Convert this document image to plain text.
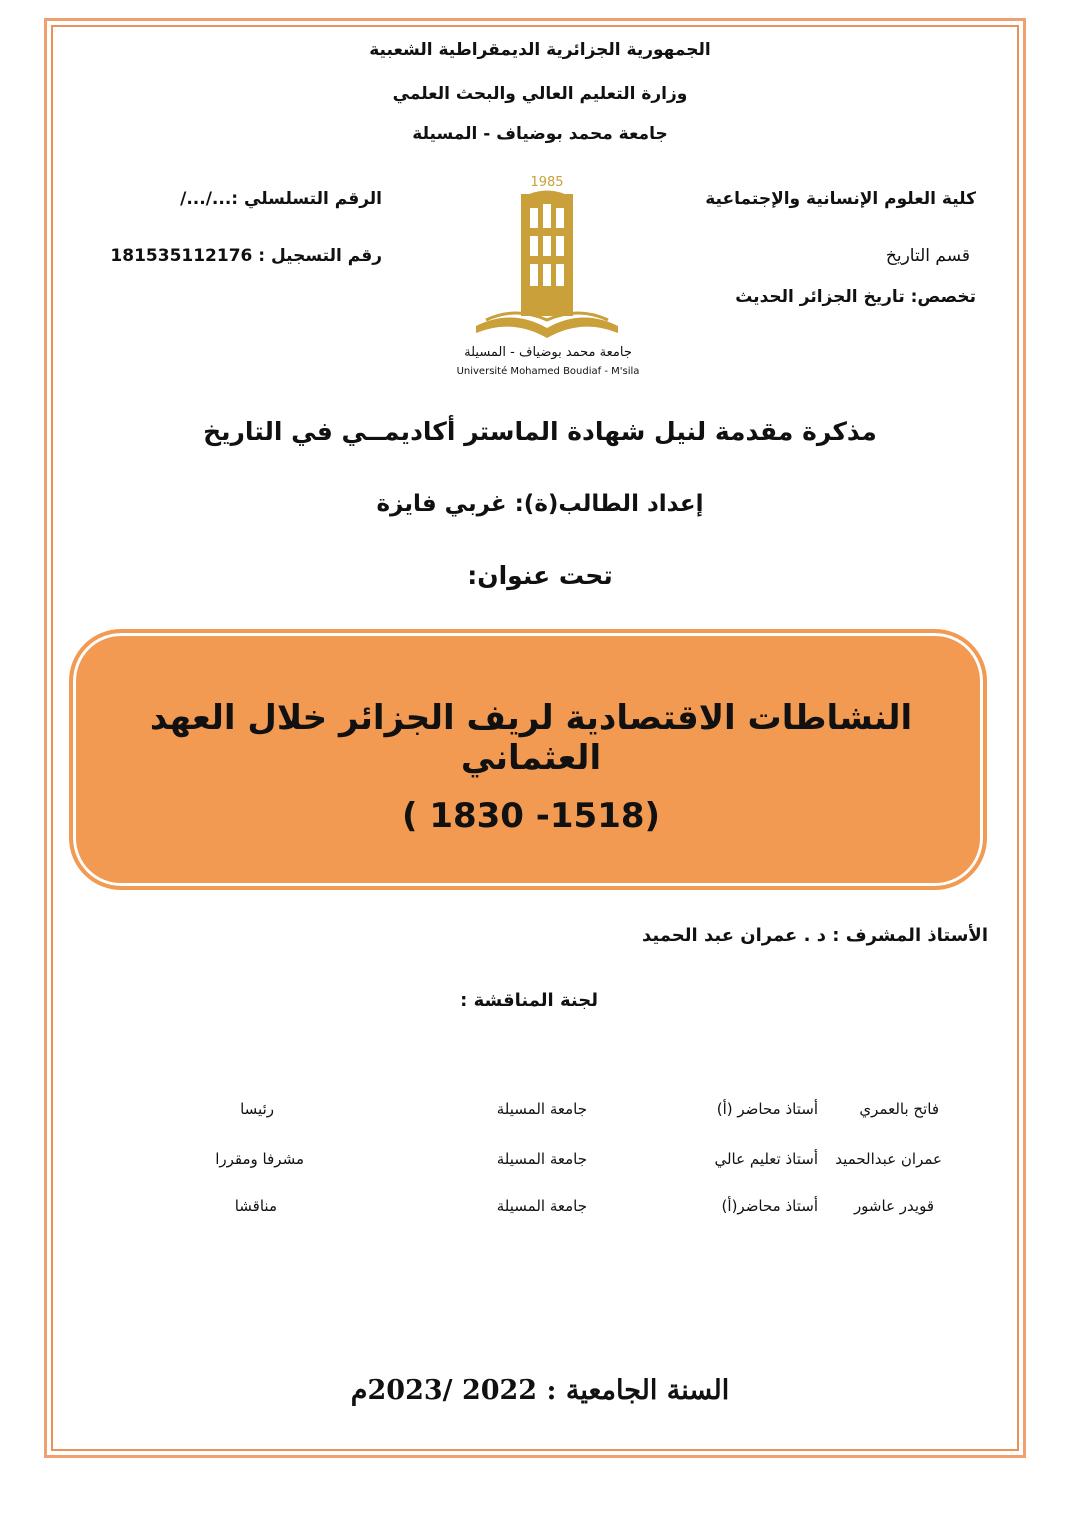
الجمهورية الجزائرية الديمقراطية الشعبية
وزارة التعليم العالي والبحث العلمي
جامعة محمد بوضياف - المسيلة
كلية العلوم الإنسانية والإجتماعية
قسم التاريخ
تخصص: تاريخ الجزائر الحديث
الرقم التسلسلي :.../.../
رقم التسجيل : 181535112176
1985
جامعة محمد بوضياف - المسيلة
Université Mohamed Boudiaf - M'sila
مذكرة مقدمة لنيل شهادة الماستر أكاديمــي في التاريخ
إعداد الطالب(ة): غربي فايزة
تحت عنوان:
النشاطات الاقتصادية لريف الجزائر خلال العهد العثماني
( 1830 -1518)
الأستاذ المشرف : د . عمران عبد الحميد
لجنة المناقشة :
فاتح بالعمري
أستاذ محاضر (أ)
جامعة المسيلة
رئيسا
عمران عبدالحميد
أستاذ تعليم عالي
جامعة المسيلة
مشرفا ومقررا
قويدر عاشور
أستاذ محاضر(أ)
جامعة المسيلة
مناقشا
السنة الجامعية : 2022 /2023م
